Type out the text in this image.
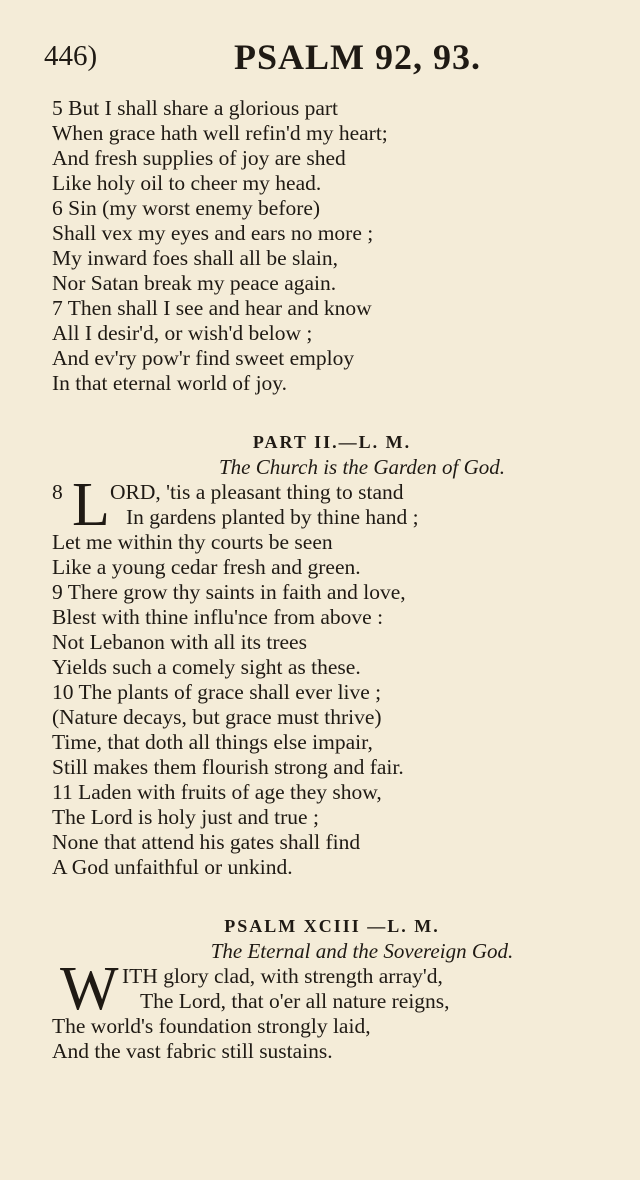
446)	PSALM 92, 93.
5 But I shall share a glorious part
When grace hath well refin'd my heart;
And fresh supplies of joy are shed
Like holy oil to cheer my head.
6 Sin (my worst enemy before)
Shall vex my eyes and ears no more ;
My inward foes shall all be slain,
Nor Satan break my peace again.
7 Then shall I see and hear and know
All I desir'd, or wish'd below ;
And ev'ry pow'r find sweet employ
In that eternal world of joy.
PART II.—L. M.
The Church is the Garden of God.
8 L ORD, 'tis a pleasant thing to stand
In gardens planted by thine hand ;
Let me within thy courts be seen
Like a young cedar fresh and green.
9 There grow thy saints in faith and love,
Blest with thine influ'nce from above :
Not Lebanon with all its trees
Yields such a comely sight as these.
10 The plants of grace shall ever live ;
(Nature decays, but grace must thrive)
Time, that doth all things else impair,
Still makes them flourish strong and fair.
11 Laden with fruits of age they show,
The Lord is holy just and true ;
None that attend his gates shall find
A God unfaithful or unkind.
PSALM XCIII —L. M.
The Eternal and the Sovereign God.
W ITH glory clad, with strength array'd,
The Lord, that o'er all nature reigns,
The world's foundation strongly laid,
And the vast fabric still sustains.
